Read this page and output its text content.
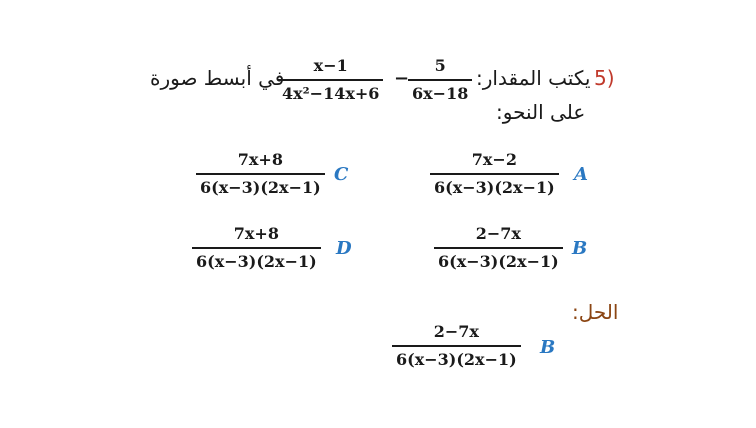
5)
يكتب المقدار:
5
6x−18
−
x−1
4x²−14x+6
في أبسط صورة
على النحو:
7x−2
6(x−3)(2x−1)
A
7x+8
6(x−3)(2x−1)
C
2−7x
6(x−3)(2x−1)
B
7x+8
6(x−3)(2x−1)
D
الحل:
2−7x
6(x−3)(2x−1)
B
